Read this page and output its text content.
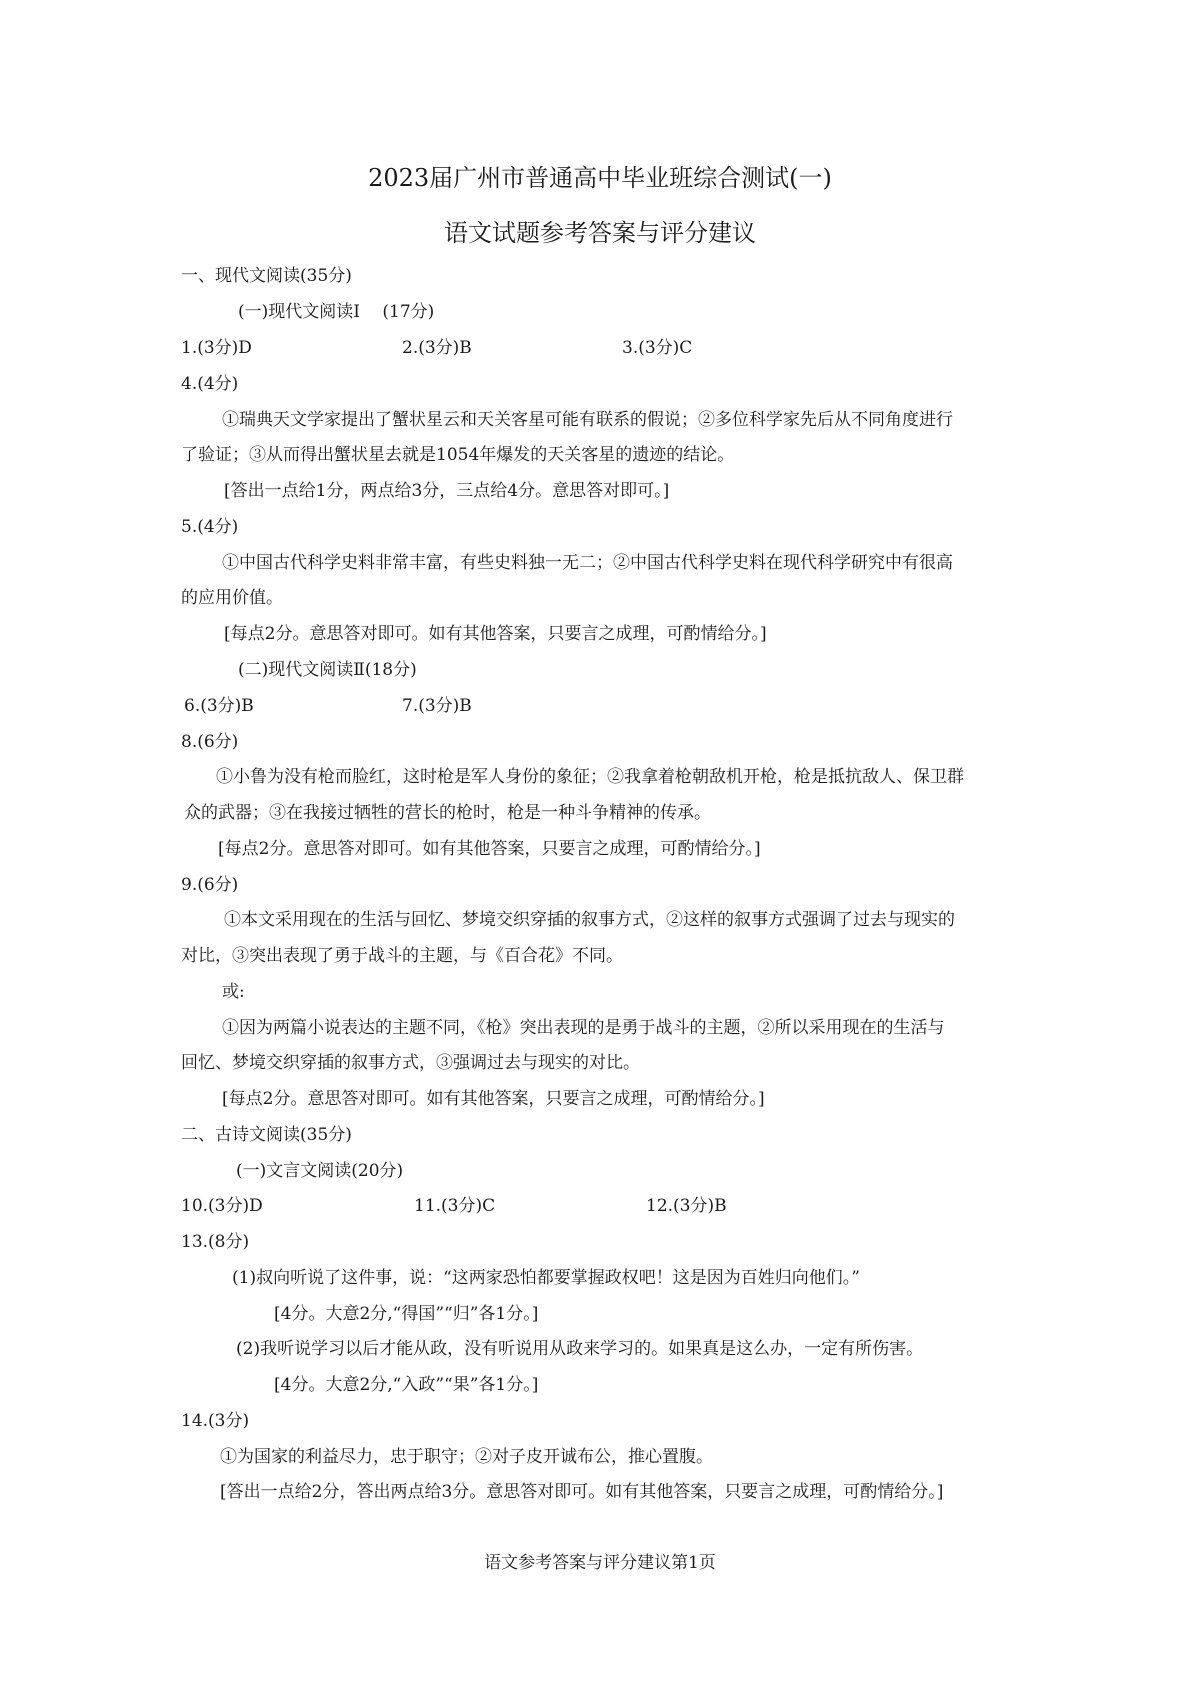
2023届广州市普通高中毕业班综合测试(一)
语文试题参考答案与评分建议
一、现代文阅读(35分)
(一)现代文阅读Ⅰ　 (17分)
1.(3分)D	2.(3分)B	3.(3分)C
4.(4分)
①瑞典天文学家提出了蟹状星云和天关客星可能有联系的假说；②多位科学家先后从不同角度进行
了验证；③从而得出蟹状星去就是1054年爆发的天关客星的遗迹的结论。
[答出一点给1分，两点给3分，三点给4分。意思答对即可。]
5.(4分)
①中国古代科学史料非常丰富，有些史料独一无二；②中国古代科学史料在现代科学研究中有很高
的应用价值。
[每点2分。意思答对即可。如有其他答案，只要言之成理，可酌情给分。]
(二)现代文阅读Ⅱ(18分)
6.(3分)B	7.(3分)B
8.(6分)
①小鲁为没有枪而脸红，这时枪是军人身份的象征；②我拿着枪朝敌机开枪，枪是抵抗敌人、保卫群
众的武器；③在我接过牺牲的营长的枪时，枪是一种斗争精神的传承。
[每点2分。意思答对即可。如有其他答案，只要言之成理，可酌情给分。]
9.(6分)
①本文采用现在的生活与回忆、梦境交织穿插的叙事方式，②这样的叙事方式强调了过去与现实的
对比，③突出表现了勇于战斗的主题，与《百合花》不同。
或:
①因为两篇小说表达的主题不同，《枪》突出表现的是勇于战斗的主题，②所以采用现在的生活与
回忆、梦境交织穿插的叙事方式，③强调过去与现实的对比。
[每点2分。意思答对即可。如有其他答案，只要言之成理，可酌情给分。]
二、古诗文阅读(35分)
(一)文言文阅读(20分)
10.(3分)D	11.(3分)C	12.(3分)B
13.(8分)
(1)叔向听说了这件事，说：“这两家恐怕都要掌握政权吧！这是因为百姓归向他们。”
[4分。大意2分,“得国”“归”各1分。]
(2)我听说学习以后才能从政，没有听说用从政来学习的。如果真是这么办，一定有所伤害。
[4分。大意2分,“入政”“果”各1分。]
14.(3分)
①为国家的利益尽力，忠于职守；②对子皮开诚布公，推心置腹。
[答出一点给2分，答出两点给3分。意思答对即可。如有其他答案，只要言之成理，可酌情给分。]
语文参考答案与评分建议第1页
